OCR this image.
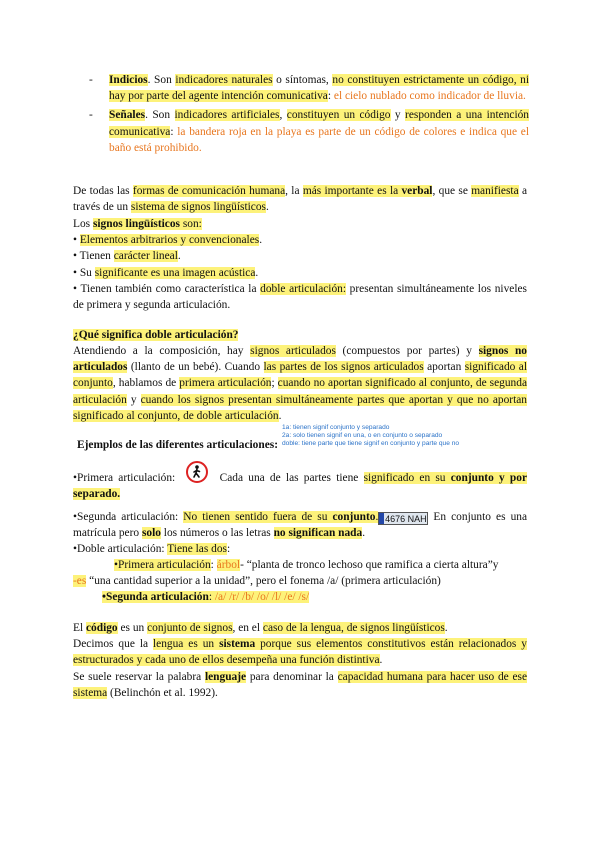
- Indicios. Son indicadores naturales o síntomas, no constituyen estrictamente un código, ni hay por parte del agente intención comunicativa: el cielo nublado como indicador de lluvia.
- Señales. Son indicadores artificiales, constituyen un código y responden a una intención comunicativa: la bandera roja en la playa es parte de un código de colores e indica que el baño está prohibido.
De todas las formas de comunicación humana, la más importante es la verbal, que se manifiesta a través de un sistema de signos lingüísticos.
Los signos lingüísticos son:
• Elementos arbitrarios y convencionales.
• Tienen carácter lineal.
• Su significante es una imagen acústica.
• Tienen también como característica la doble articulación: presentan simultáneamente los niveles de primera y segunda articulación.
¿Qué significa doble articulación?
Atendiendo a la composición, hay signos articulados (compuestos por partes) y signos no articulados (llanto de un bebé). Cuando las partes de los signos articulados aportan significado al conjunto, hablamos de primera articulación; cuando no aportan significado al conjunto, de segunda articulación y cuando los signos presentan simultáneamente partes que aportan y que no aportan significado al conjunto, de doble articulación.
Ejemplos de las diferentes articulaciones:
1a: tienen signif conjunto y separado
2a: solo tienen signif en una, o en conjunto o separado
doble: tiene parte que tiene signif en conjunto y parte que no
•Primera articulación:	Cada una de las partes tiene significado en su conjunto y por separado.
•Segunda articulación: No tienen sentido fuera de su conjunto. 4676 NAH En conjunto es una matrícula pero solo los números o las letras no significan nada.
•Doble articulación: Tiene las dos:
•Primera articulación: árbol- “planta de tronco lechoso que ramifica a cierta altura”y
-es “una cantidad superior a la unidad”, pero el fonema /a/ (primera articulación)
•Segunda articulación: /a/ /r/ /b/ /o/ /l/ /e/ /s/
El código es un conjunto de signos, en el caso de la lengua, de signos lingüísticos.
Decimos que la lengua es un sistema porque sus elementos constitutivos están relacionados y estructurados y cada uno de ellos desempeña una función distintiva.
Se suele reservar la palabra lenguaje para denominar la capacidad humana para hacer uso de ese sistema (Belinchón et al. 1992).
